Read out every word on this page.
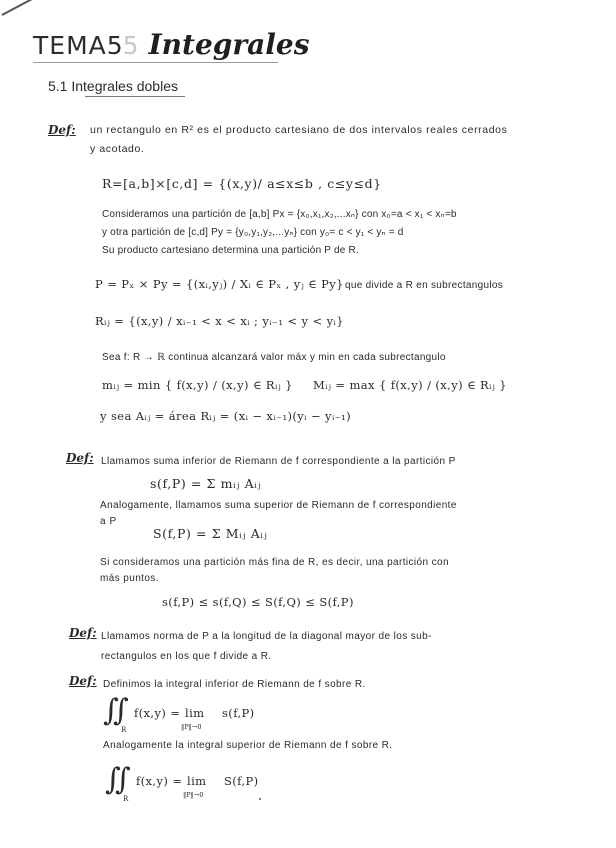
TEMA55 Integrales
5.1 Integrales dobles
Def: un rectangulo en R² es el producto cartesiano de dos intervalos reales cerrados
y acotado.
R=[a,b]×[c,d] = {(x,y)/ a≤x≤b , c≤y≤d}
Consideramos una partición de [a,b] Px = {x₀,x₁,x₂,...xₙ} con x₀=a < x₁ < xₙ=b
y otra partición de [c,d] Py = {y₀,y₁,y₂,...yₙ} con y₀= c < y₁ < yₙ = d
Su producto cartesiano determina una partición P de R.
P = Pₓ × Py = {(xᵢ,yⱼ) / Xᵢ ∈ Pₓ , yⱼ ∈ Py} que divide a R en subrectangulos
Rᵢⱼ = {(x,y) / xᵢ₋₁ < x < xᵢ ; yᵢ₋₁ < y < yᵢ}
Sea f: R → ℝ continua alcanzará valor máx y min en cada subrectangulo
mᵢⱼ = min { f(x,y) / (x,y) ∈ Rᵢⱼ } Mᵢⱼ = max { f(x,y) / (x,y) ∈ Rᵢⱼ }
y sea Aᵢⱼ = área Rᵢⱼ = (xᵢ − xᵢ₋₁)(yᵢ − yᵢ₋₁)
Def: Llamamos suma inferior de Riemann de f correspondiente a la partición P
s(f,P) = Σ mᵢⱼ Aᵢⱼ
Analogamente, llamamos suma superior de Riemann de f correspondiente
a P
S(f,P) = Σ Mᵢⱼ Aᵢⱼ
Si consideramos una partición más fina de R, es decir, una partición con
más puntos.
s(f,P) ≤ s(f,Q) ≤ S(f,Q) ≤ S(f,P)
Def: Llamamos norma de P a la longitud de la diagonal mayor de los sub-
rectangulos en los que f divide a R.
Def: Definimos la integral inferior de Riemann de f sobre R.
∬
R
f(x,y) = lim
‖P‖→0
s(f,P)
Analogamente la integral superior de Riemann de f sobre R.
∬
R
f(x,y) = lim
‖P‖→0
S(f,P)
